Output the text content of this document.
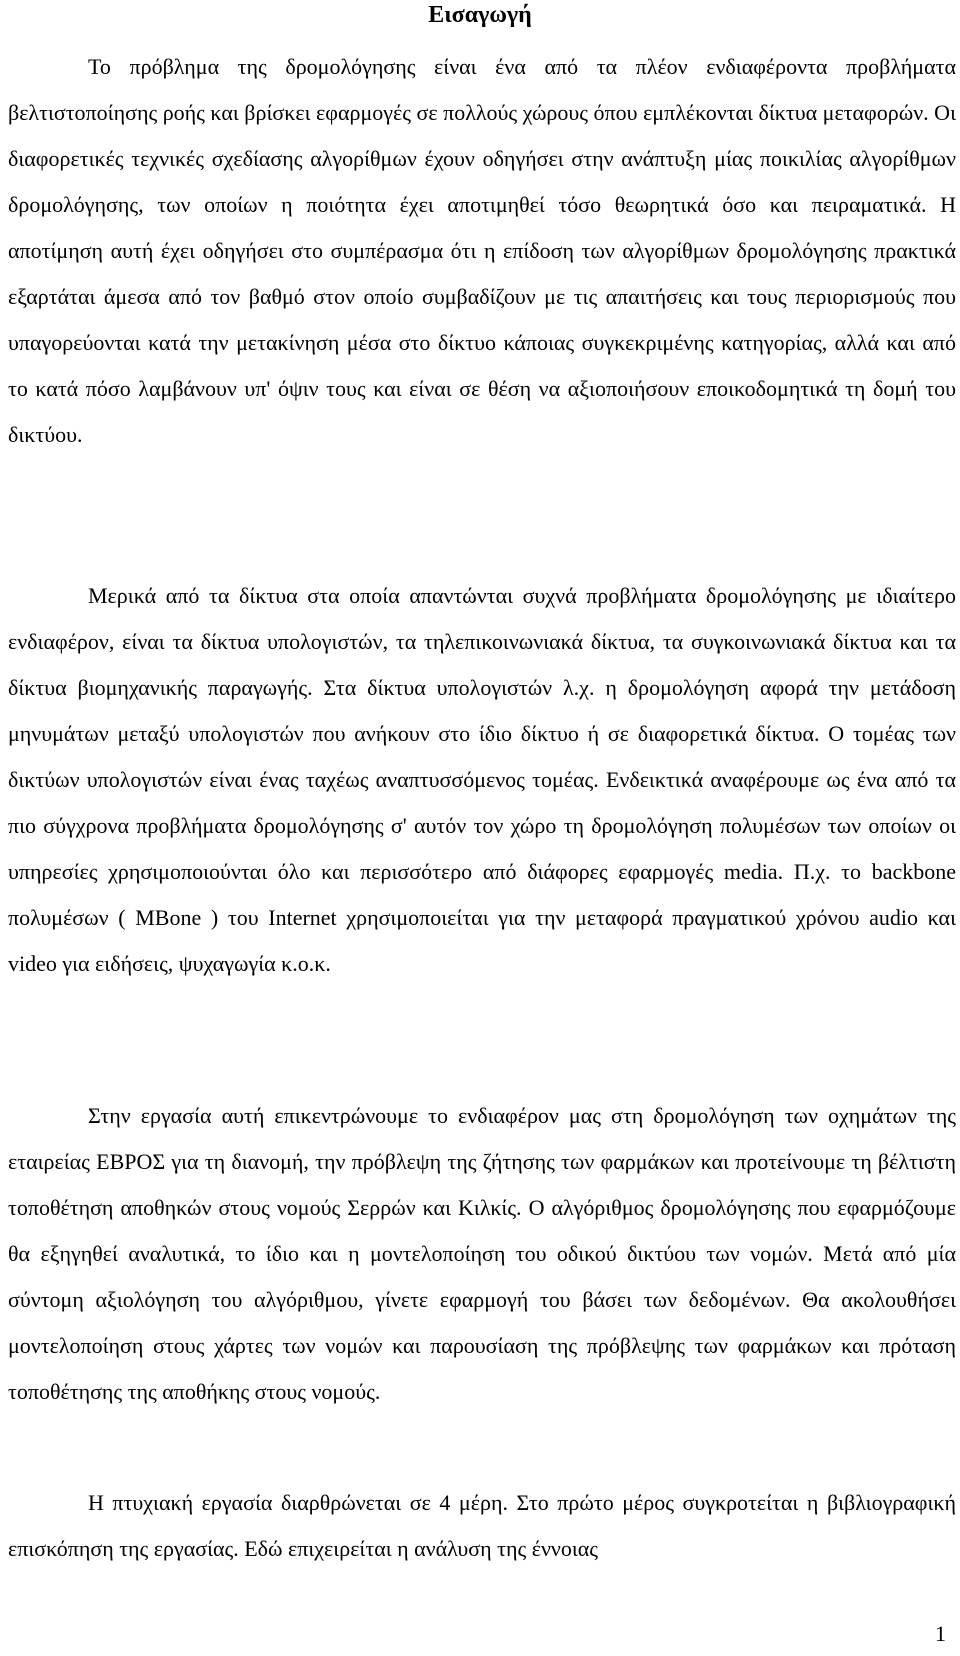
Εισαγωγή

Το πρόβλημα της δρομολόγησης είναι ένα από τα πλέον ενδιαφέροντα προβλήματα βελτιστοποίησης ροής και βρίσκει εφαρμογές σε πολλούς χώρους όπου εμπλέκονται δίκτυα μεταφορών. Οι διαφορετικές τεχνικές σχεδίασης αλγορίθμων έχουν οδηγήσει στην ανάπτυξη μίας ποικιλίας αλγορίθμων δρομολόγησης, των οποίων η ποιότητα έχει αποτιμηθεί τόσο θεωρητικά όσο και πειραματικά. Η αποτίμηση αυτή έχει οδηγήσει στο συμπέρασμα ότι η επίδοση των αλγορίθμων δρομολόγησης πρακτικά εξαρτάται άμεσα από τον βαθμό στον οποίο συμβαδίζουν με τις απαιτήσεις και τους περιορισμούς που υπαγορεύονται κατά την μετακίνηση μέσα στο δίκτυο κάποιας συγκεκριμένης κατηγορίας, αλλά και από το κατά πόσο λαμβάνουν υπ' όψιν τους και είναι σε θέση να αξιοποιήσουν εποικοδομητικά τη δομή του δικτύου.

Μερικά από τα δίκτυα στα οποία απαντώνται συχνά προβλήματα δρομολόγησης με ιδιαίτερο ενδιαφέρον, είναι τα δίκτυα υπολογιστών, τα τηλεπικοινωνιακά δίκτυα, τα συγκοινωνιακά δίκτυα και τα δίκτυα βιομηχανικής παραγωγής. Στα δίκτυα υπολογιστών λ.χ. η δρομολόγηση αφορά την μετάδοση μηνυμάτων μεταξύ υπολογιστών που ανήκουν στο ίδιο δίκτυο ή σε διαφορετικά δίκτυα. Ο τομέας των δικτύων υπολογιστών είναι ένας ταχέως αναπτυσσόμενος τομέας. Ενδεικτικά αναφέρουμε ως ένα από τα πιο σύγχρονα προβλήματα δρομολόγησης σ' αυτόν τον χώρο τη δρομολόγηση πολυμέσων των οποίων οι υπηρεσίες χρησιμοποιούνται όλο και περισσότερο από διάφορες εφαρμογές media. Π.χ. το backbone πολυμέσων ( MBone ) του Internet χρησιμοποιείται για την μεταφορά πραγματικού χρόνου audio και video για ειδήσεις, ψυχαγωγία κ.ο.κ.

Στην εργασία αυτή επικεντρώνουμε το ενδιαφέρον μας στη δρομολόγηση των οχημάτων της εταιρείας ΕΒΡΟΣ για τη διανομή, την πρόβλεψη της ζήτησης των φαρμάκων και προτείνουμε τη βέλτιστη τοποθέτηση αποθηκών στους νομούς Σερρών και Κιλκίς. Ο αλγόριθμος δρομολόγησης που εφαρμόζουμε θα εξηγηθεί αναλυτικά, το ίδιο και η μοντελοποίηση του οδικού δικτύου των νομών. Μετά από μία σύντομη αξιολόγηση του αλγόριθμου, γίνετε εφαρμογή του βάσει των δεδομένων. Θα ακολουθήσει μοντελοποίηση στους χάρτες των νομών και παρουσίαση της πρόβλεψης των φαρμάκων και πρόταση τοποθέτησης της αποθήκης στους νομούς.

Η πτυχιακή εργασία διαρθρώνεται σε 4 μέρη. Στο πρώτο μέρος συγκροτείται η βιβλιογραφική επισκόπηση της εργασίας. Εδώ επιχειρείται η ανάλυση της έννοιας

1
